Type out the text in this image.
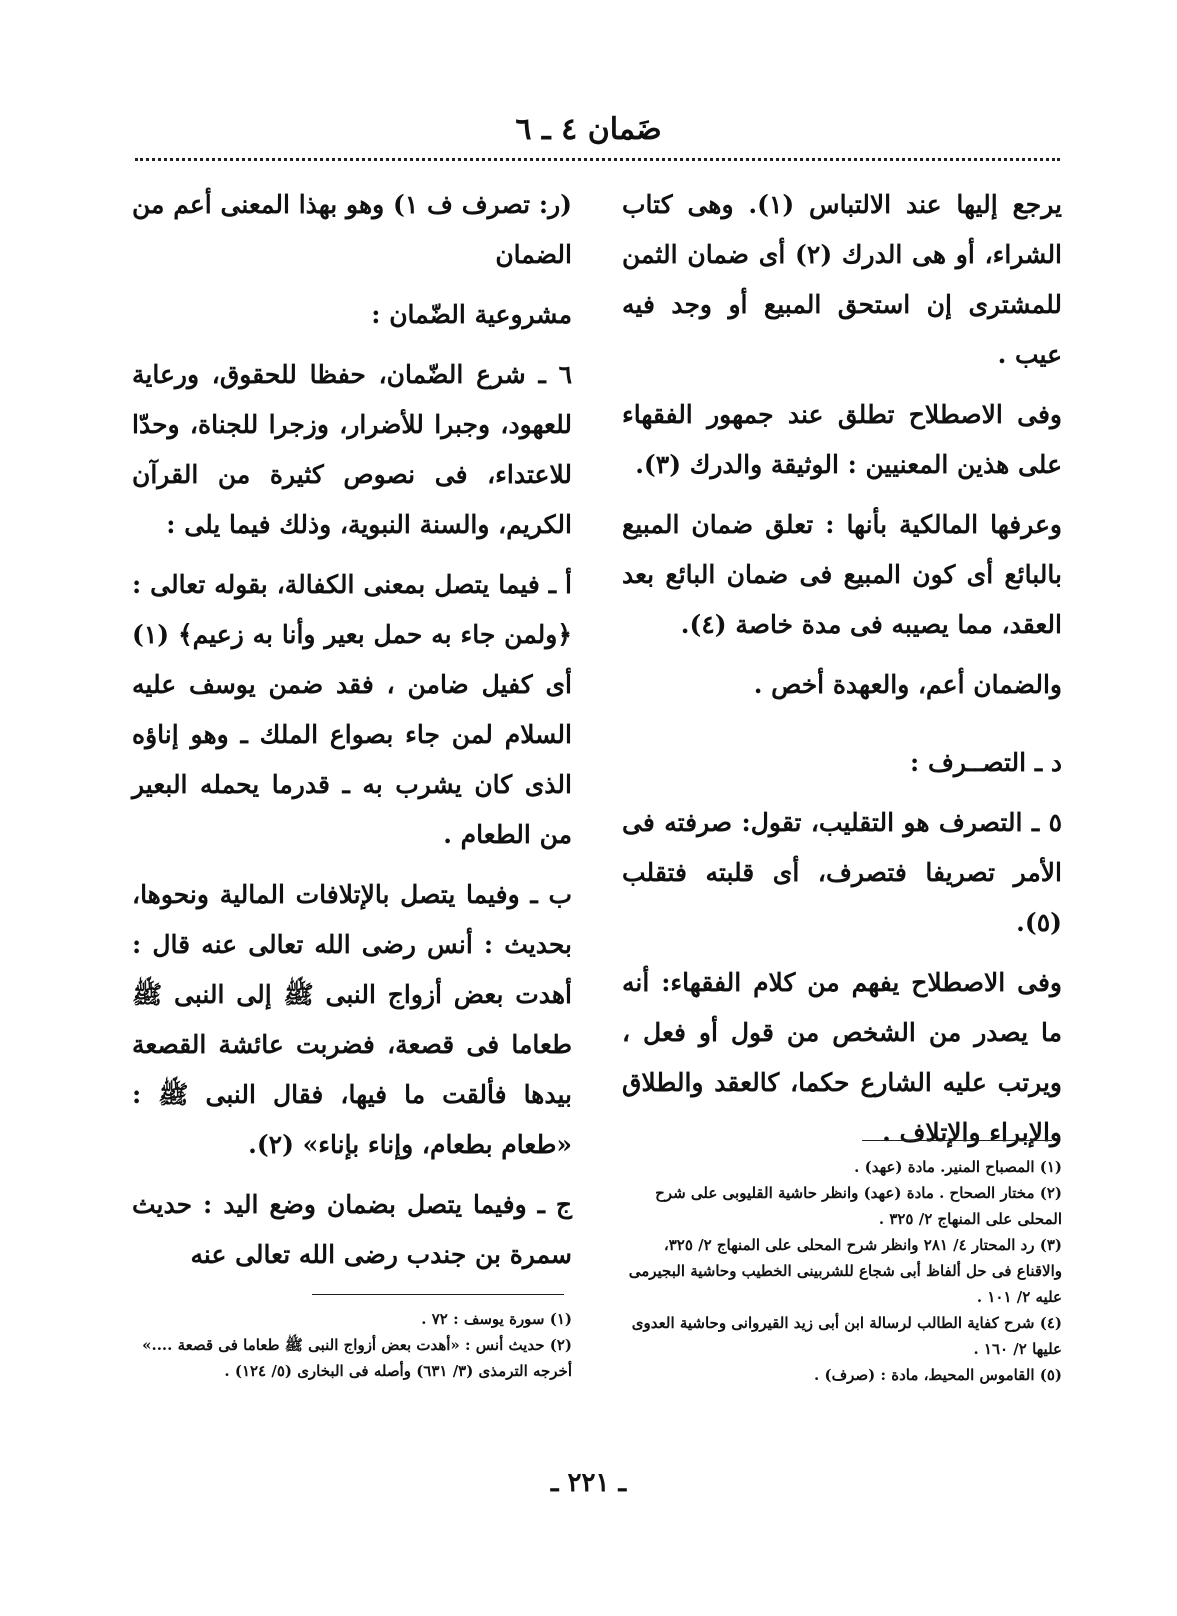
ضَمان ٤ ـ ٦

يرجع إليها عند الالتباس (١). وهى كتاب الشراء، أو هى الدرك (٢) أى ضمان الثمن للمشترى إن استحق المبيع أو وجد فيه عيب .

وفى الاصطلاح تطلق عند جمهور الفقهاء على هذين المعنيين : الوثيقة والدرك (٣).

وعرفها المالكية بأنها : تعلق ضمان المبيع بالبائع أى كون المبيع فى ضمان البائع بعد العقد، مما يصيبه فى مدة خاصة (٤).

والضمان أعم، والعهدة أخص .

د ـ التصــرف :

٥ ـ التصرف هو التقليب، تقول: صرفته فى الأمر تصريفا فتصرف، أى قلبته فتقلب (٥).

وفى الاصطلاح يفهم من كلام الفقهاء: أنه ما يصدر من الشخص من قول أو فعل ، ويرتب عليه الشارع حكما، كالعقد والطلاق والإبراء والإتلاف .

(١) المصباح المنير. مادة (عهد) .
(٢) مختار الصحاح . مادة (عهد) وانظر حاشية القليوبى على شرح المحلى على المنهاج ٢/ ٣٢٥ .
(٣) رد المحتار ٤/ ٢٨١ وانظر شرح المحلى على المنهاج ٢/ ٣٢٥، والاقناع فى حل ألفاظ أبى شجاع للشربينى الخطيب وحاشية البجيرمى عليه ٢/ ١٠١ .
(٤) شرح كفاية الطالب لرسالة ابن أبى زيد القيروانى وحاشية العدوى عليها ٢/ ١٦٠ .
(٥) القاموس المحيط، مادة : (صرف) .

(ر: تصرف ف ١) وهو بهذا المعنى أعم من الضمان

مشروعية الضّمان :

٦ ـ شرع الضّمان، حفظا للحقوق، ورعاية للعهود، وجبرا للأضرار، وزجرا للجناة، وحدّا للاعتداء، فى نصوص كثيرة من القرآن الكريم، والسنة النبوية، وذلك فيما يلى :

أ ـ فيما يتصل بمعنى الكفالة، بقوله تعالى : ﴿ولمن جاء به حمل بعير وأنا به زعيم﴾ (١) أى كفيل ضامن ، فقد ضمن يوسف عليه السلام لمن جاء بصواع الملك ـ وهو إناؤه الذى كان يشرب به ـ قدرما يحمله البعير من الطعام .

ب ـ وفيما يتصل بالإتلافات المالية ونحوها، بحديث : أنس رضى الله تعالى عنه قال : أهدت بعض أزواج النبى ﷺ إلى النبى ﷺ طعاما فى قصعة، فضربت عائشة القصعة بيدها فألقت ما فيها، فقال النبى ﷺ : «طعام بطعام، وإناء بإناء» (٢).

ج ـ وفيما يتصل بضمان وضع اليد : حديث سمرة بن جندب رضى الله تعالى عنه

(١) سورة يوسف : ٧٢ .
(٢) حديث أنس : «أهدت بعض أزواج النبى ﷺ طعاما فى قصعة ....» أخرجه الترمذى (٣/ ٦٣١) وأصله فى البخارى (٥/ ١٢٤) .
ـ ٢٢١ ـ
